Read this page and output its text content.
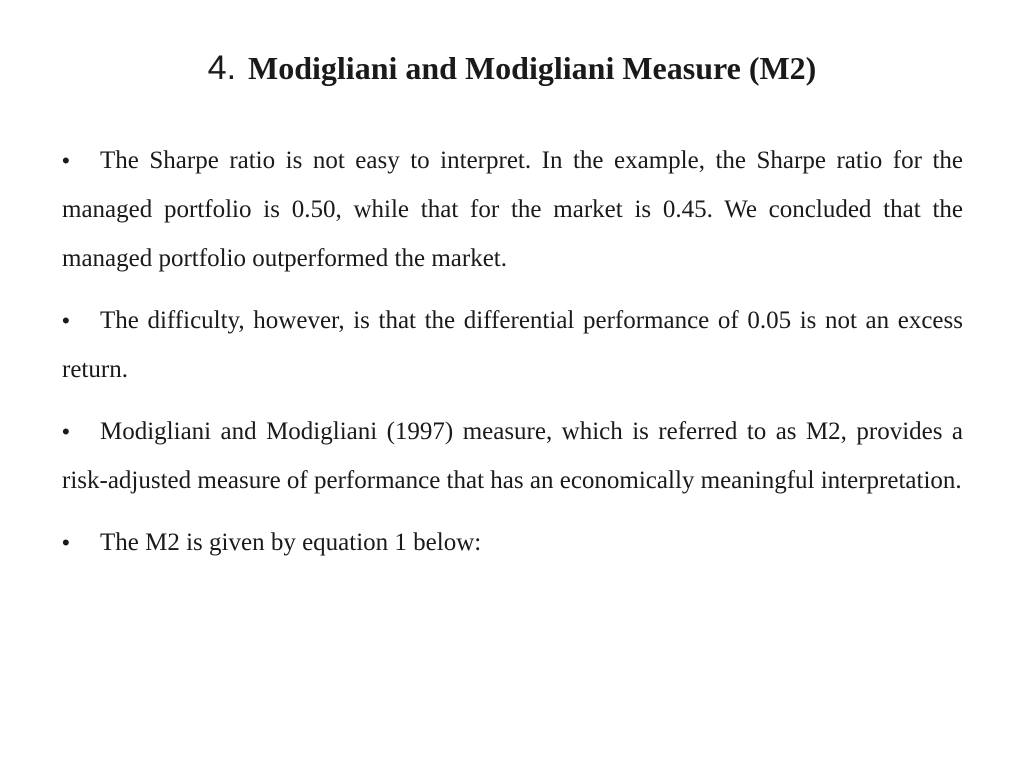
4. Modigliani and Modigliani Measure (M2)

• The Sharpe ratio is not easy to interpret. In the example, the Sharpe ratio for the managed portfolio is 0.50, while that for the market is 0.45. We concluded that the managed portfolio outperformed the market.

• The difficulty, however, is that the differential performance of 0.05 is not an excess return.

• Modigliani and Modigliani (1997) measure, which is referred to as M2, provides a risk-adjusted measure of performance that has an economically meaningful interpretation.

• The M2 is given by equation 1 below:
